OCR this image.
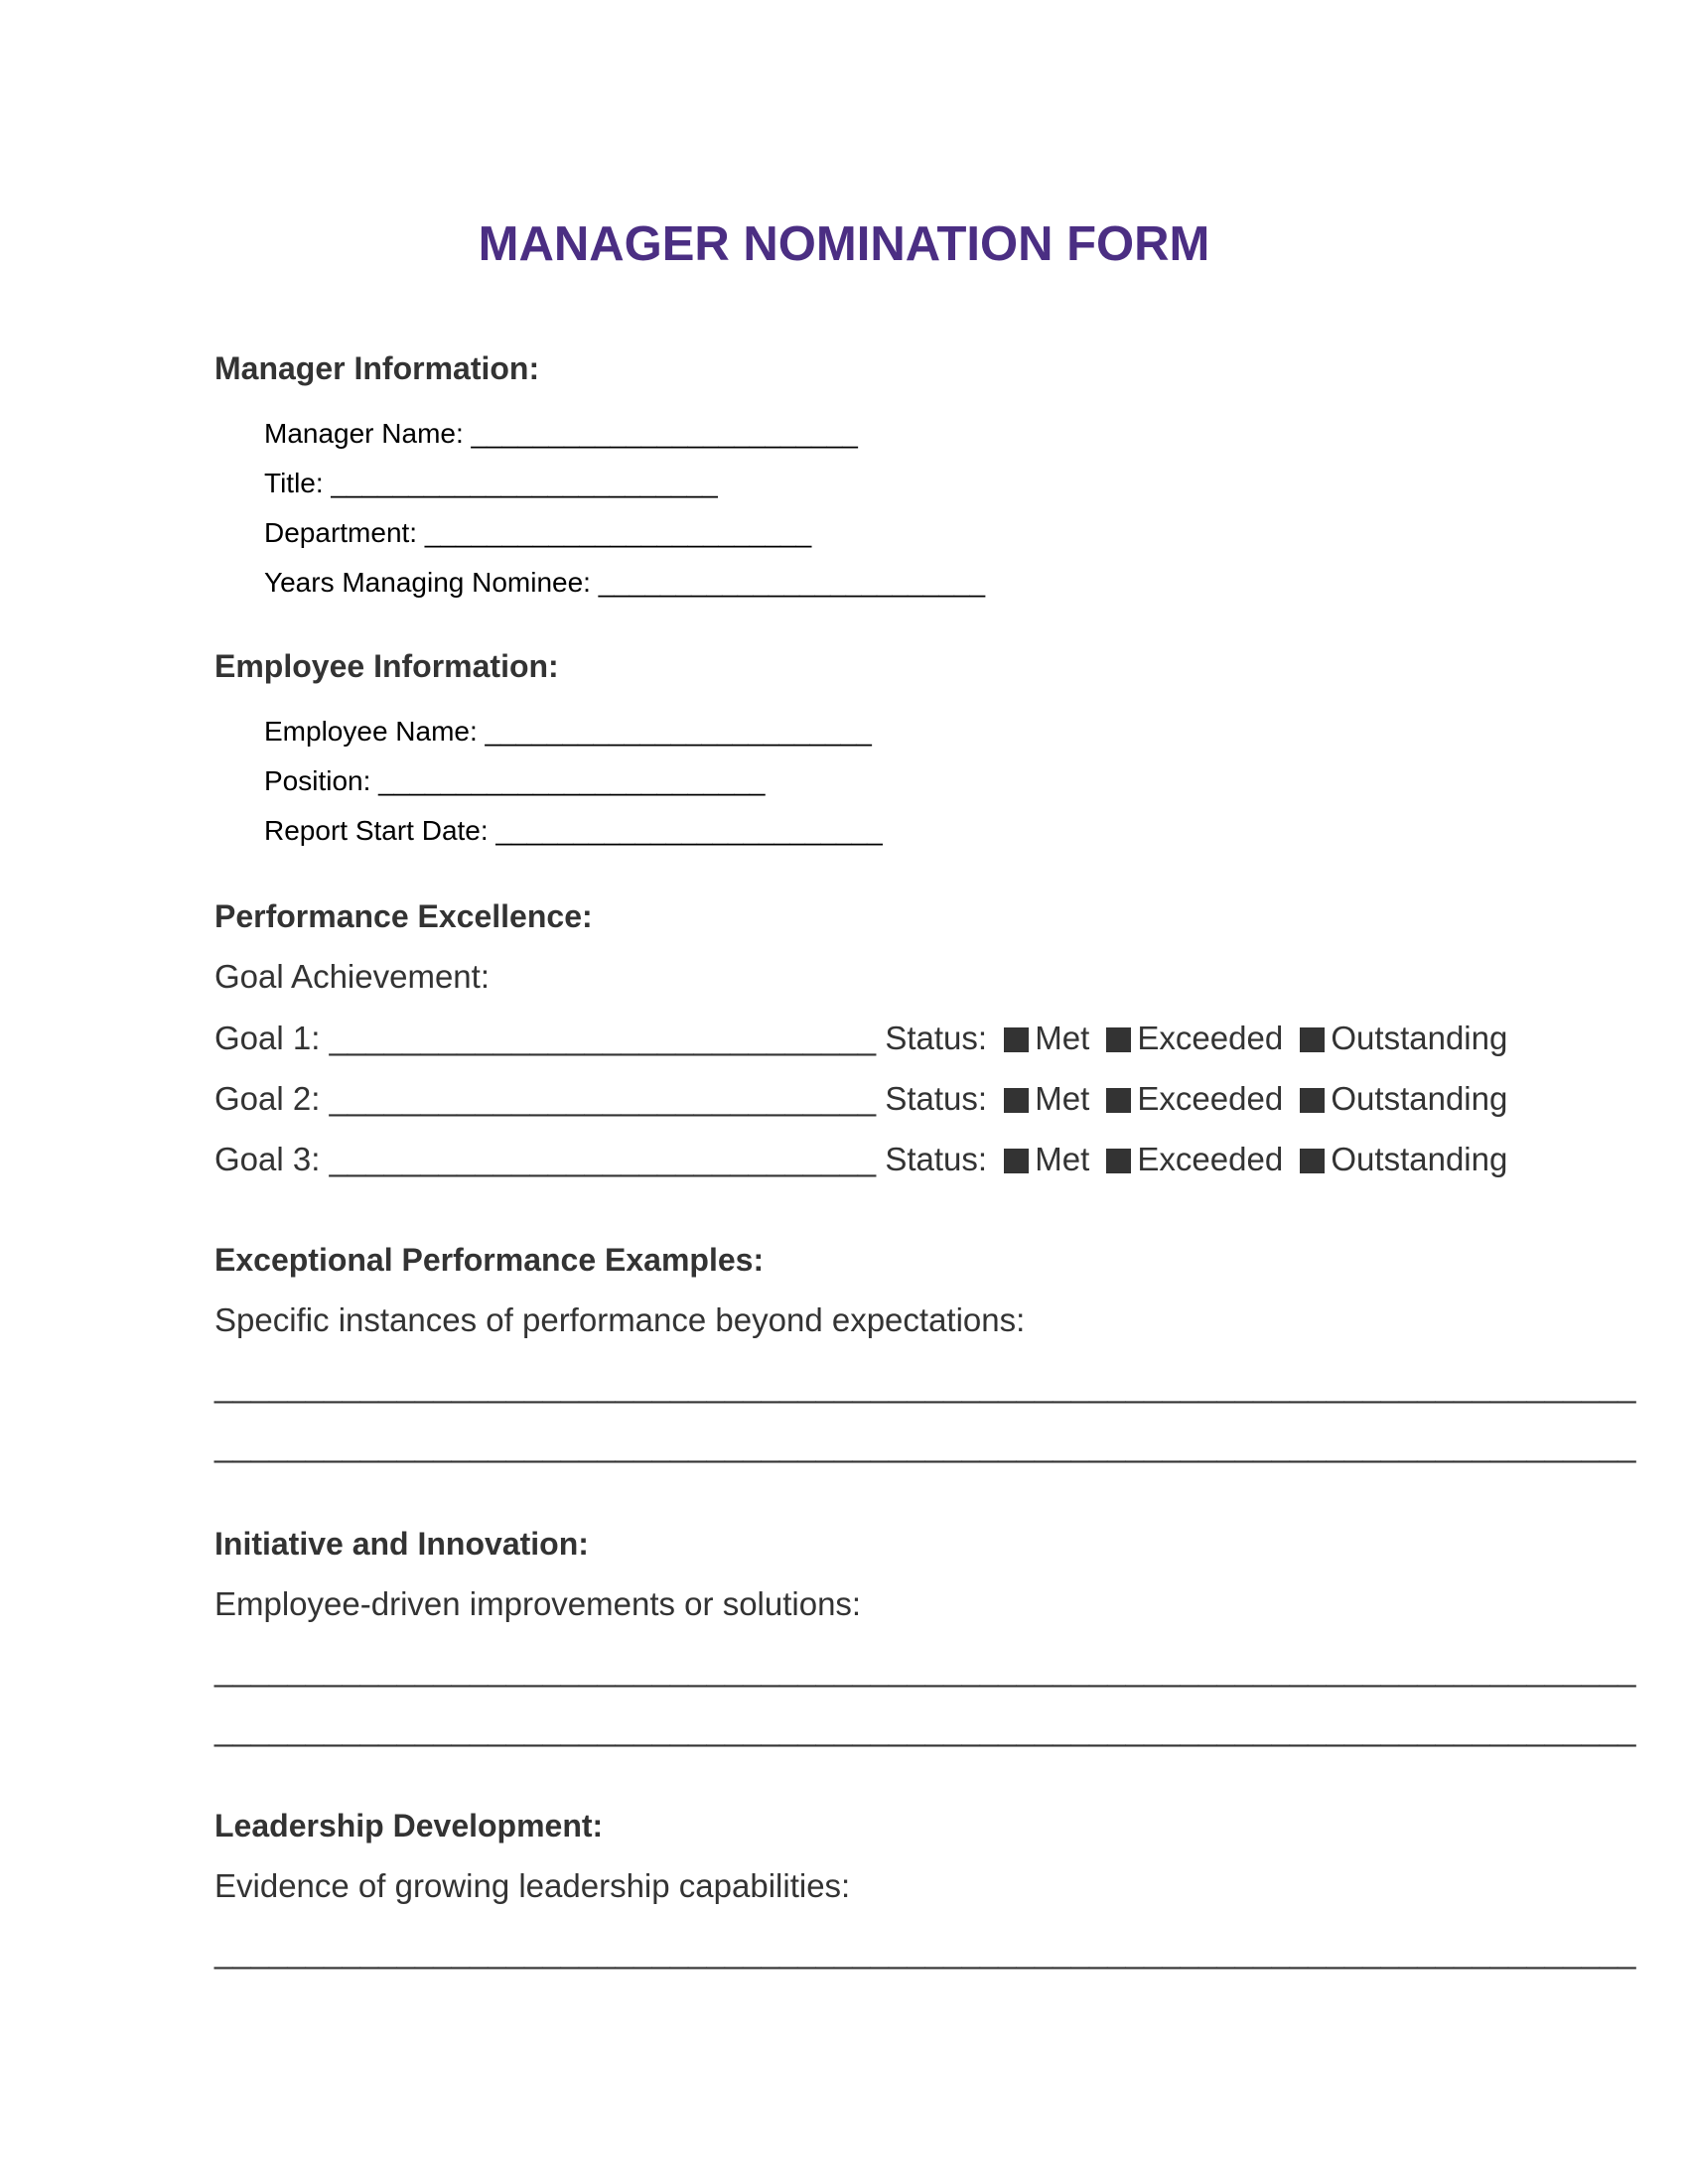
MANAGER NOMINATION FORM
Manager Information:
Manager Name: _________________________
Title: _________________________
Department: _________________________
Years Managing Nominee: _________________________
Employee Information:
Employee Name: _________________________
Position: _________________________
Report Start Date: _________________________
Performance Excellence:
Goal Achievement:
Goal 1: ______________________________ Status: Met Exceeded Outstanding
Goal 2: ______________________________ Status: Met Exceeded Outstanding
Goal 3: ______________________________ Status: Met Exceeded Outstanding
Exceptional Performance Examples:
Specific instances of performance beyond expectations:
______________________________________________________________________________
______________________________________________________________________________
Initiative and Innovation:
Employee-driven improvements or solutions:
______________________________________________________________________________
______________________________________________________________________________
Leadership Development:
Evidence of growing leadership capabilities:
______________________________________________________________________________
